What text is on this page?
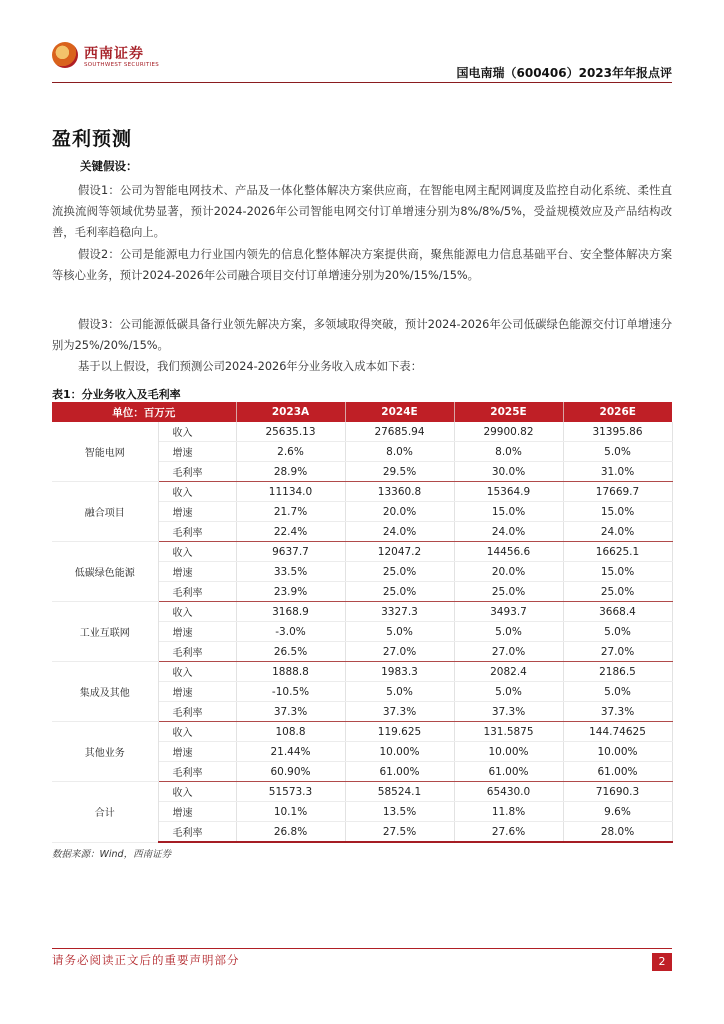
西南证券
SOUTHWEST SECURITIES
国电南瑞（600406）2023年年报点评
盈利预测
关键假设：

假设1：公司为智能电网技术、产品及一体化整体解决方案供应商，在智能电网主配网调度及监控自动化系统、柔性直流换流阀等领域优势显著，预计2024-2026年公司智能电网交付订单增速分别为8%/8%/5%，受益规模效应及产品结构改善，毛利率趋稳向上。

假设2：公司是能源电力行业国内领先的信息化整体解决方案提供商，聚焦能源电力信息基础平台、安全整体解决方案等核心业务，预计2024-2026年公司融合项目交付订单增速分别为20%/15%/15%。

假设3：公司能源低碳具备行业领先解决方案，多领域取得突破，预计2024-2026年公司低碳绿色能源交付订单增速分别为25%/20%/15%。

基于以上假设，我们预测公司2024-2026年分业务收入成本如下表：

表1：分业务收入及毛利率
单位：百万元		2023A	2024E	2025E	2026E
智能电网	收入	25635.13	27685.94	29900.82	31395.86
	增速	2.6%	8.0%	8.0%	5.0%
	毛利率	28.9%	29.5%	30.0%	31.0%
融合项目	收入	11134.0	13360.8	15364.9	17669.7
	增速	21.7%	20.0%	15.0%	15.0%
	毛利率	22.4%	24.0%	24.0%	24.0%
低碳绿色能源	收入	9637.7	12047.2	14456.6	16625.1
	增速	33.5%	25.0%	20.0%	15.0%
	毛利率	23.9%	25.0%	25.0%	25.0%
工业互联网	收入	3168.9	3327.3	3493.7	3668.4
	增速	-3.0%	5.0%	5.0%	5.0%
	毛利率	26.5%	27.0%	27.0%	27.0%
集成及其他	收入	1888.8	1983.3	2082.4	2186.5
	增速	-10.5%	5.0%	5.0%	5.0%
	毛利率	37.3%	37.3%	37.3%	37.3%
其他业务	收入	108.8	119.625	131.5875	144.74625
	增速	21.44%	10.00%	10.00%	10.00%
	毛利率	60.90%	61.00%	61.00%	61.00%
合计	收入	51573.3	58524.1	65430.0	71690.3
	增速	10.1%	13.5%	11.8%	9.6%
	毛利率	26.8%	27.5%	27.6%	28.0%
数据来源：Wind，西南证券
请务必阅读正文后的重要声明部分	2
